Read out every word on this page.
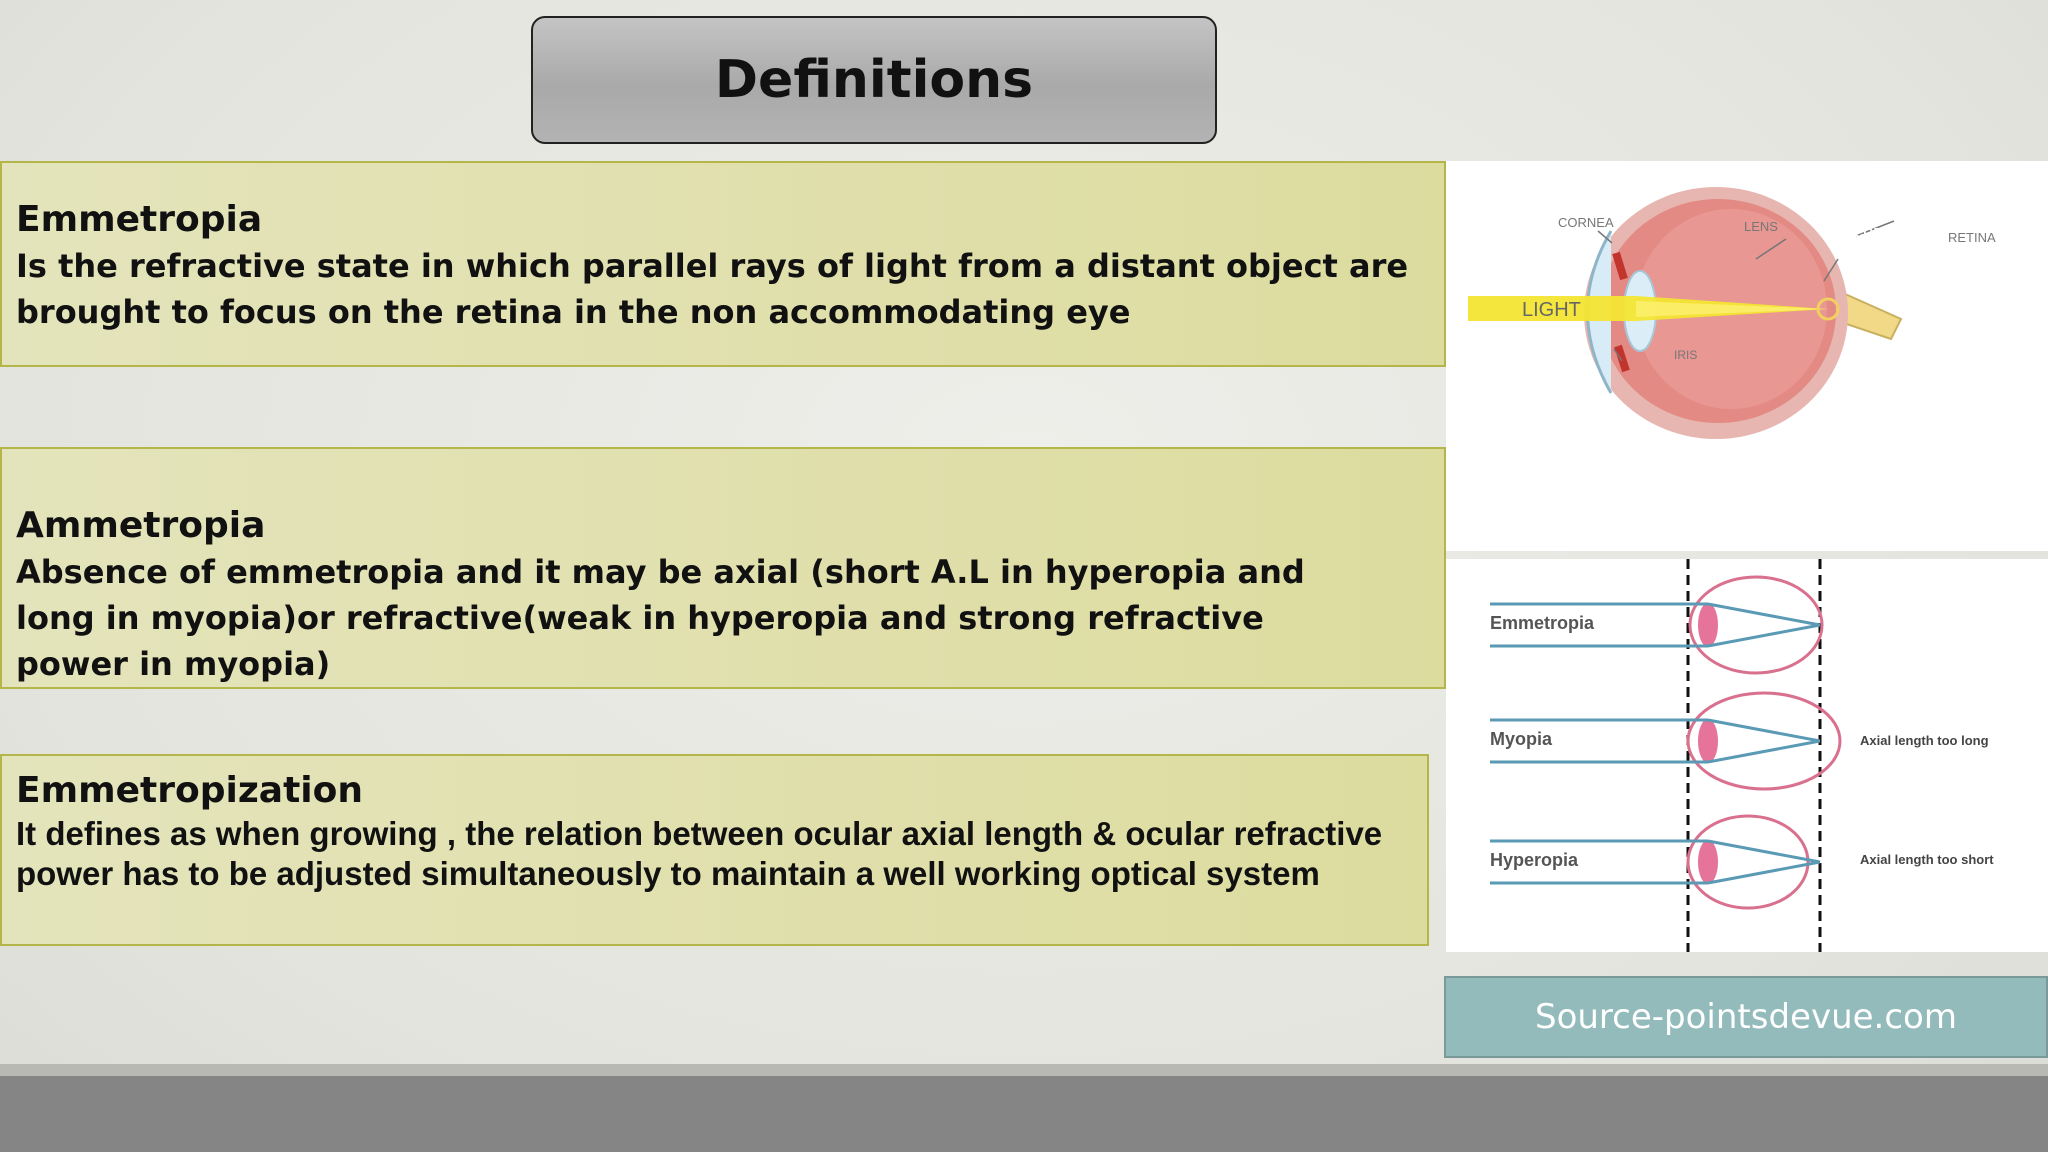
Definitions
Emmetropia
Is the refractive state in which parallel rays of light from a distant object are brought to focus on the retina in the non accommodating eye
Ammetropia
Absence of emmetropia and it may be axial (short A.L in hyperopia and long in myopia)or refractive(weak in hyperopia and strong refractive power in myopia)
Emmetropization
It defines as when growing , the relation between ocular axial length & ocular refractive power has to be adjusted simultaneously to maintain a well working optical system
LIGHT
CORNEA	LENS
IRIS
RETINA
CORRECT
FOCUS
Emmetropia
Myopia	Axial length too long
Hyperopia	Axial length too short
Source-pointsdevue.com
